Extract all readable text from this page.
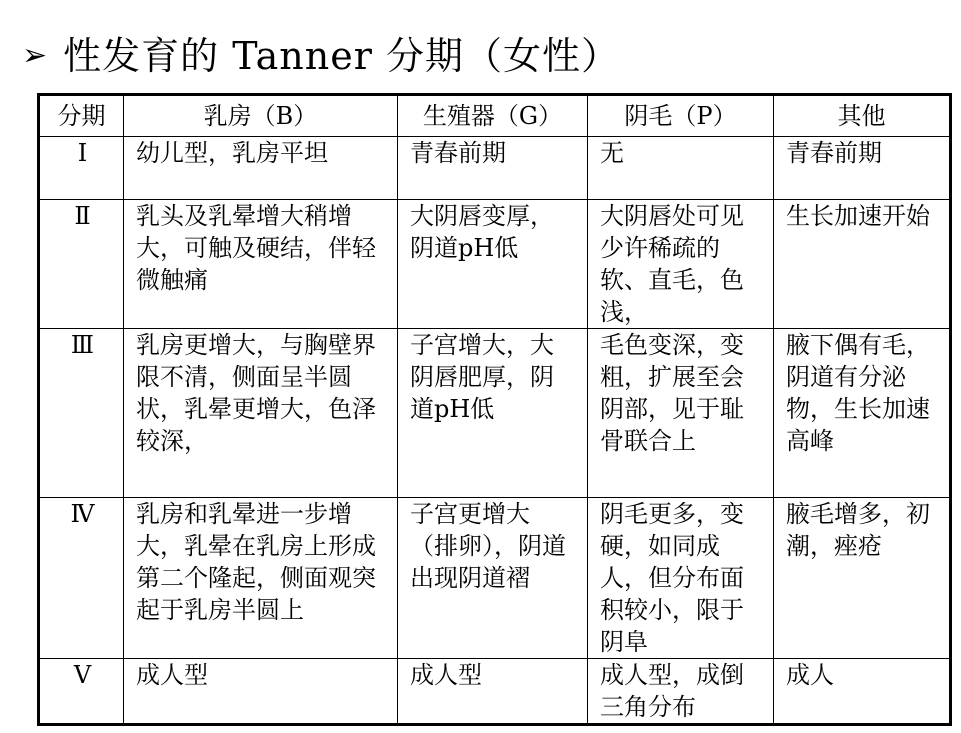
➢ 性发育的 Tanner 分期（女性）
分期	乳房（B）	生殖器（G）	阴毛（P）	其他
Ⅰ	幼儿型，乳房平坦	青春前期	无	青春前期
Ⅱ	乳头及乳晕增大稍增大，可触及硬结，伴轻微触痛	大阴唇变厚，阴道pH低	大阴唇处可见少许稀疏的软、直毛，色浅，	生长加速开始
Ⅲ	乳房更增大，与胸壁界限不清，侧面呈半圆状，乳晕更增大，色泽较深，	子宫增大，大阴唇肥厚，阴道pH低	毛色变深，变粗，扩展至会阴部，见于耻骨联合上	腋下偶有毛，阴道有分泌物，生长加速高峰
Ⅳ	乳房和乳晕进一步增大，乳晕在乳房上形成第二个隆起，侧面观突起于乳房半圆上	子宫更增大（排卵），阴道出现阴道褶	阴毛更多，变硬，如同成人，但分布面积较小，限于阴阜	腋毛增多，初潮，痤疮
Ⅴ	成人型	成人型	成人型，成倒三角分布	成人
